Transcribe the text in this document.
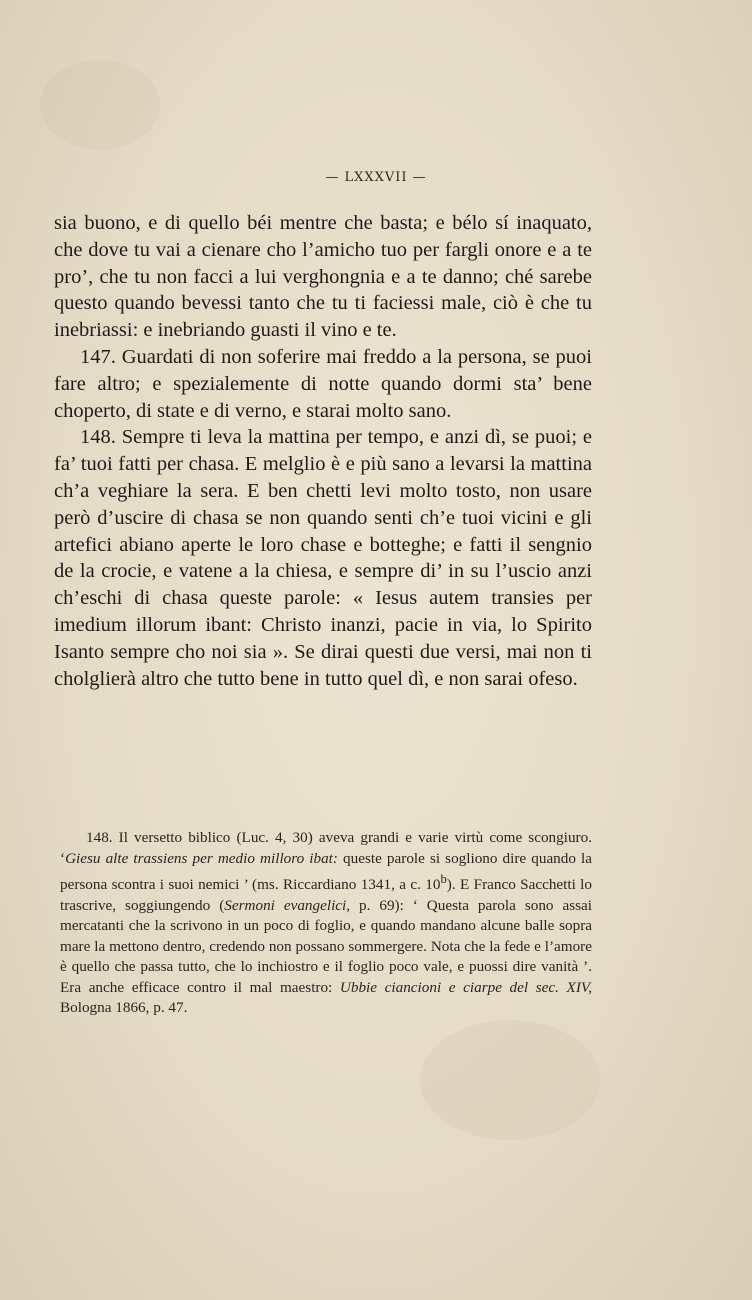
— LXXXVII —

sia buono, e di quello béi mentre che basta; e bélo sí inaquato, che dove tu vai a cienare cho l’amicho tuo per fargli onore e a te pro’, che tu non facci a lui verghongnia e a te danno; ché sarebe questo quando bevessi tanto che tu ti faciessi male, ciò è che tu inebriassi: e inebriando guasti il vino e te.

147. Guardati di non soferire mai freddo a la persona, se puoi fare altro; e spezialemente di notte quando dormi sta’ bene choperto, di state e di verno, e starai molto sano.

148. Sempre ti leva la mattina per tempo, e anzi dì, se puoi; e fa’ tuoi fatti per chasa. E melglio è e più sano a levarsi la mattina ch’a veghiare la sera. E ben chetti levi molto tosto, non usare però d’uscire di chasa se non quando senti ch’e tuoi vicini e gli artefici abiano aperte le loro chase e botteghe; e fatti il sengnio de la crocie, e vatene a la chiesa, e sempre di’ in su l’uscio anzi ch’eschi di chasa queste parole: « Iesus autem transies per imedium illorum ibant: Christo inanzi, pacie in via, lo Spirito Isanto sempre cho noi sia ». Se dirai questi due versi, mai non ti cholglierà altro che tutto bene in tutto quel dì, e non sarai ofeso.

148. Il versetto biblico (Luc. 4, 30) aveva grandi e varie virtù come scongiuro. ‘Giesu alte trassiens per medio milloro ibat: queste parole si sogliono dire quando la persona scontra i suoi nemici ’ (ms. Riccardiano 1341, a c. 10$^b$). E Franco Sacchetti lo trascrive, soggiungendo (Sermoni evangelici, p. 69): ‘ Questa parola sono assai mercatanti che la scrivono in un poco di foglio, e quando mandano alcune balle sopra mare la mettono dentro, credendo non possano sommergere. Nota che la fede e l’amore è quello che passa tutto, che lo inchiostro e il foglio poco vale, e puossi dire vanità ’. Era anche efficace contro il mal maestro: Ubbie ciancioni e ciarpe del sec. XIV, Bologna 1866, p. 47.
